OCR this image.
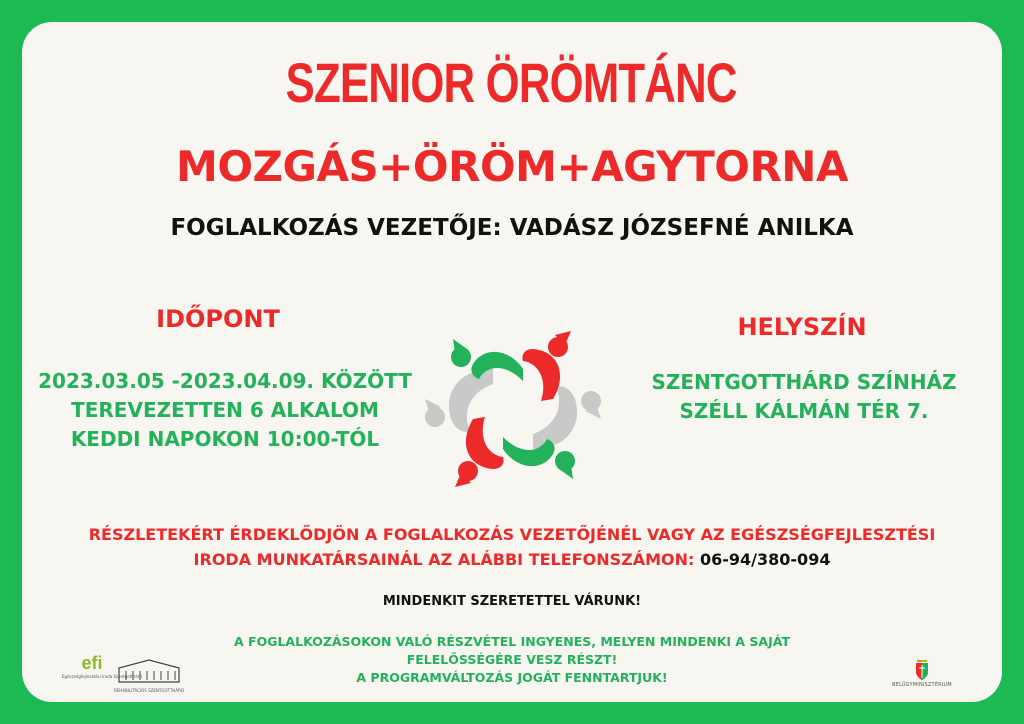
SZENIOR ÖRÖMTÁNC
MOZGÁS+ÖRÖM+AGYTORNA
FOGLALKOZÁS VEZETŐJE: VADÁSZ JÓZSEFNÉ ANILKA
IDŐPONT
2023.03.05 -2023.04.09. KÖZÖTT
TEREVEZETTEN 6 ALKALOM
KEDDI NAPOKON 10:00-TÓL
HELYSZÍN
SZENTGOTTHÁRD SZÍNHÁZ
SZÉLL KÁLMÁN TÉR 7.
RÉSZLETEKÉRT ÉRDEKLŐDJÖN A FOGLALKOZÁS VEZETŐJÉNÉL VAGY AZ EGÉSZSÉGFEJLESZTÉSI
IRODA MUNKATÁRSAINÁL AZ ALÁBBI TELEFONSZÁMON: 06-94/380-094
MINDENKIT SZERETETTEL VÁRUNK!
A FOGLALKOZÁSOKON VALÓ RÉSZVÉTEL INGYENES, MELYEN MINDENKI A SAJÁT
FELELŐSSÉGÉRE VESZ RÉSZT!
A PROGRAMVÁLTOZÁS JOGÁT FENNTARTJUK!
efi
Egészségfejlesztési Iroda Szentgotthárd
REHABILITÁCIÓS SZENTGOTTHÁRD
BELÜGYMINISZTÉRIUM
